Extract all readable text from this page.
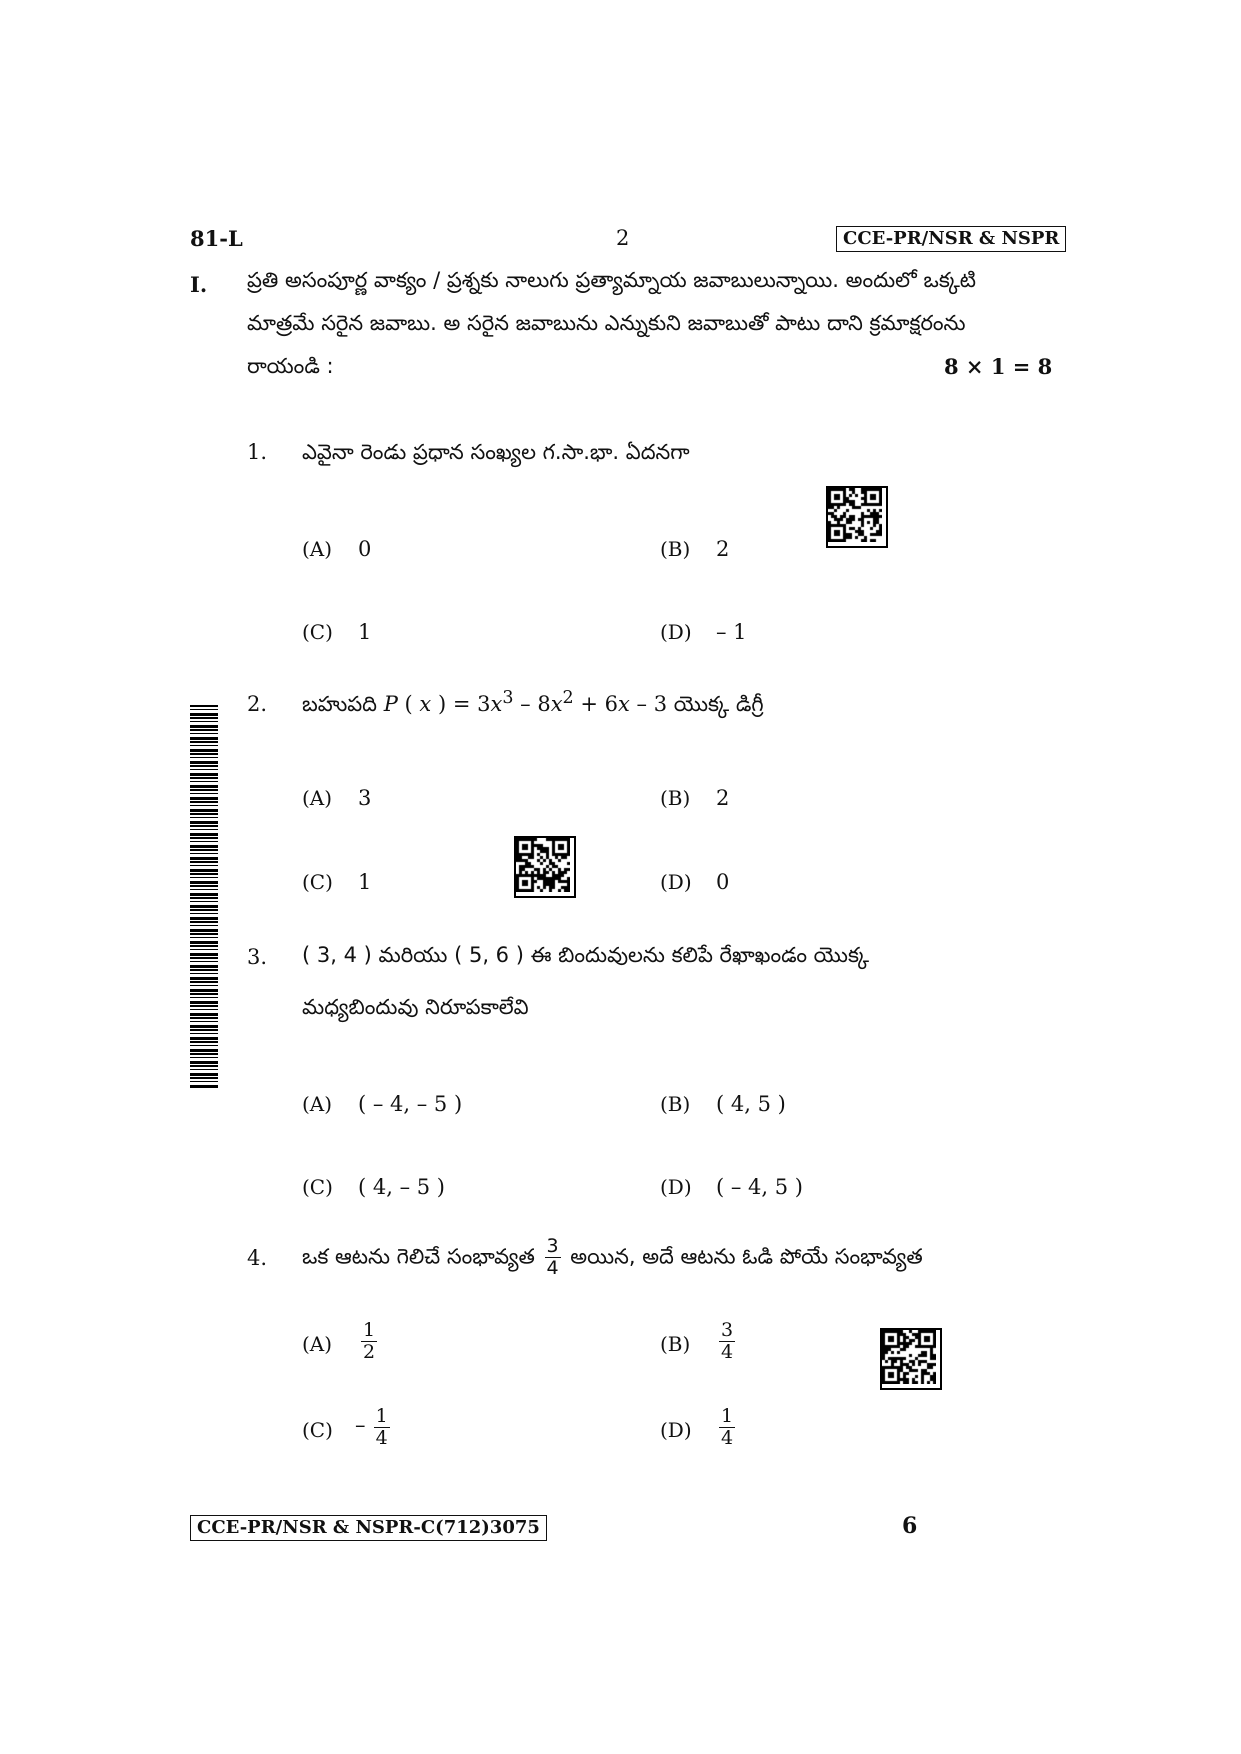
81-L	2	CCE-PR/NSR & NSPR
I. ప్రతి అసంపూర్ణ వాక్యం / ప్రశ్నకు నాలుగు ప్రత్యామ్నాయ జవాబులున్నాయి. అందులో ఒక్కటి
మాత్రమే సరైన జవాబు. అ సరైన జవాబును ఎన్నుకుని జవాబుతో పాటు దాని క్రమాక్షరంను
రాయండి :	8 × 1 = 8
1. ఎవైనా రెండు ప్రధాన సంఖ్యల గ.సా.భా. ఏదనగా
(A) 0	(B) 2
(C) 1	(D) – 1
2. బహుపది P ( x ) = $3x^3 - 8x^2 + 6x - 3$ యొక్క డిగ్రీ
(A) 3	(B) 2
(C) 1	(D) 0
3. ( 3, 4 ) మరియు ( 5, 6 ) ఈ బిందువులను కలిపే రేఖాఖండం యొక్క
మధ్యబిందువు నిరూపకాలేవి
(A) ( – 4, – 5 )	(B) ( 4, 5 )
(C) ( 4, – 5 )	(D) ( – 4, 5 )
4. ఒక ఆటను గెలిచే సంభావ్యత $\frac{3}{4}$ అయిన, అదే ఆటను ఓడి పోయే సంభావ్యత
$(A) \frac{1}{2}$	$(B) \frac{3}{4}$
$(C) - \frac{1}{4}$	$(D) \frac{1}{4}$
CCE-PR/NSR & NSPR-C(712)3075	6
